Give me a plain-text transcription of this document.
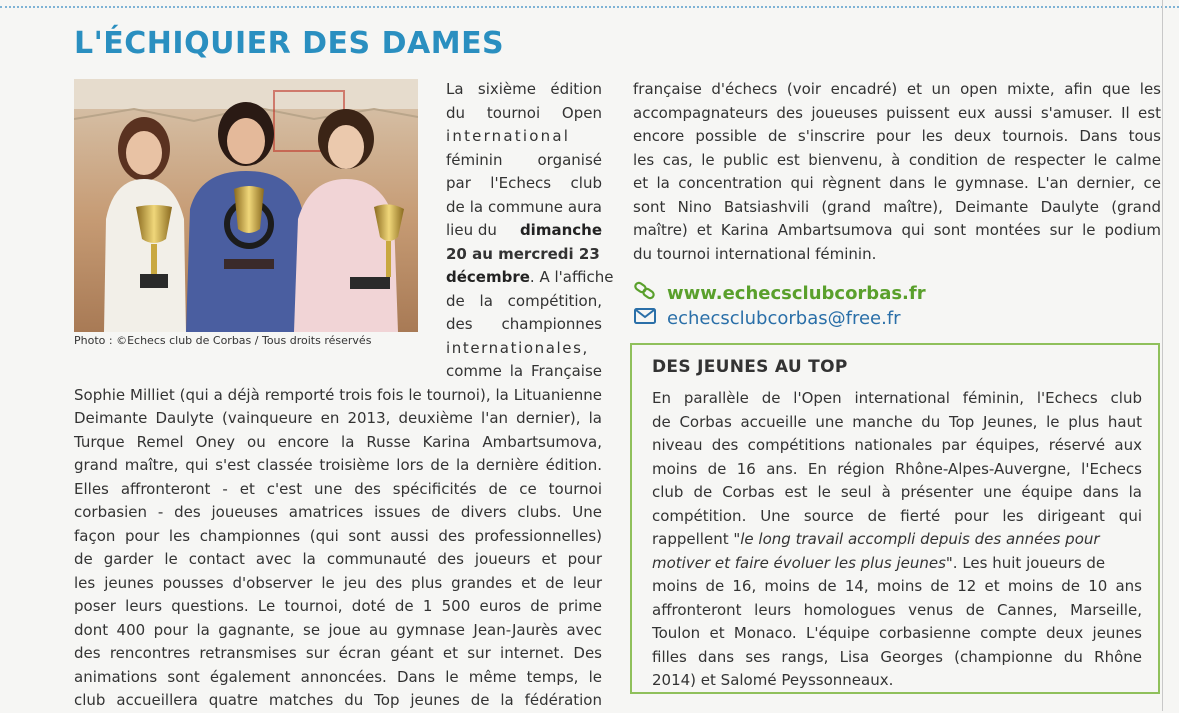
L'ÉCHIQUIER DES DAMES
Photo : ©Echecs club de Corbas / Tous droits réservés
La sixième édition
du tournoi Open
international
féminin organisé
par l'Echecs club
de la commune aura
lieu du dimanche
20 au mercredi 23
décembre. A l'affiche
de la compétition,
des championnes
internationales,
comme la Française
Sophie Milliet (qui a déjà remporté trois fois le tournoi), la Lituanienne
Deimante Daulyte (vainqueure en 2013, deuxième l'an dernier), la
Turque Remel Oney ou encore la Russe Karina Ambartsumova,
grand maître, qui s'est classée troisième lors de la dernière édition.
Elles affronteront - et c'est une des spécificités de ce tournoi
corbasien - des joueuses amatrices issues de divers clubs. Une
façon pour les championnes (qui sont aussi des professionnelles)
de garder le contact avec la communauté des joueurs et pour
les jeunes pousses d'observer le jeu des plus grandes et de leur
poser leurs questions. Le tournoi, doté de 1 500 euros de prime
dont 400 pour la gagnante, se joue au gymnase Jean-Jaurès avec
des rencontres retransmises sur écran géant et sur internet. Des
animations sont également annoncées. Dans le même temps, le
club accueillera quatre matches du Top jeunes de la fédération
française d'échecs (voir encadré) et un open mixte, afin que les
accompagnateurs des joueuses puissent eux aussi s'amuser. Il est
encore possible de s'inscrire pour les deux tournois. Dans tous
les cas, le public est bienvenu, à condition de respecter le calme
et la concentration qui règnent dans le gymnase. L'an dernier, ce
sont Nino Batsiashvili (grand maître), Deimante Daulyte (grand
maître) et Karina Ambartsumova qui sont montées sur le podium
du tournoi international féminin.
www.echecsclubcorbas.fr
echecsclubcorbas@free.fr
DES JEUNES AU TOP
En parallèle de l'Open international féminin, l'Echecs club
de Corbas accueille une manche du Top Jeunes, le plus haut
niveau des compétitions nationales par équipes, réservé aux
moins de 16 ans. En région Rhône-Alpes-Auvergne, l'Echecs
club de Corbas est le seul à présenter une équipe dans la
compétition. Une source de fierté pour les dirigeant qui
rappellent "le long travail accompli depuis des années pour
motiver et faire évoluer les plus jeunes". Les huit joueurs de
moins de 16, moins de 14, moins de 12 et moins de 10 ans
affronteront leurs homologues venus de Cannes, Marseille,
Toulon et Monaco. L'équipe corbasienne compte deux jeunes
filles dans ses rangs, Lisa Georges (championne du Rhône
2014) et Salomé Peyssonneaux.
